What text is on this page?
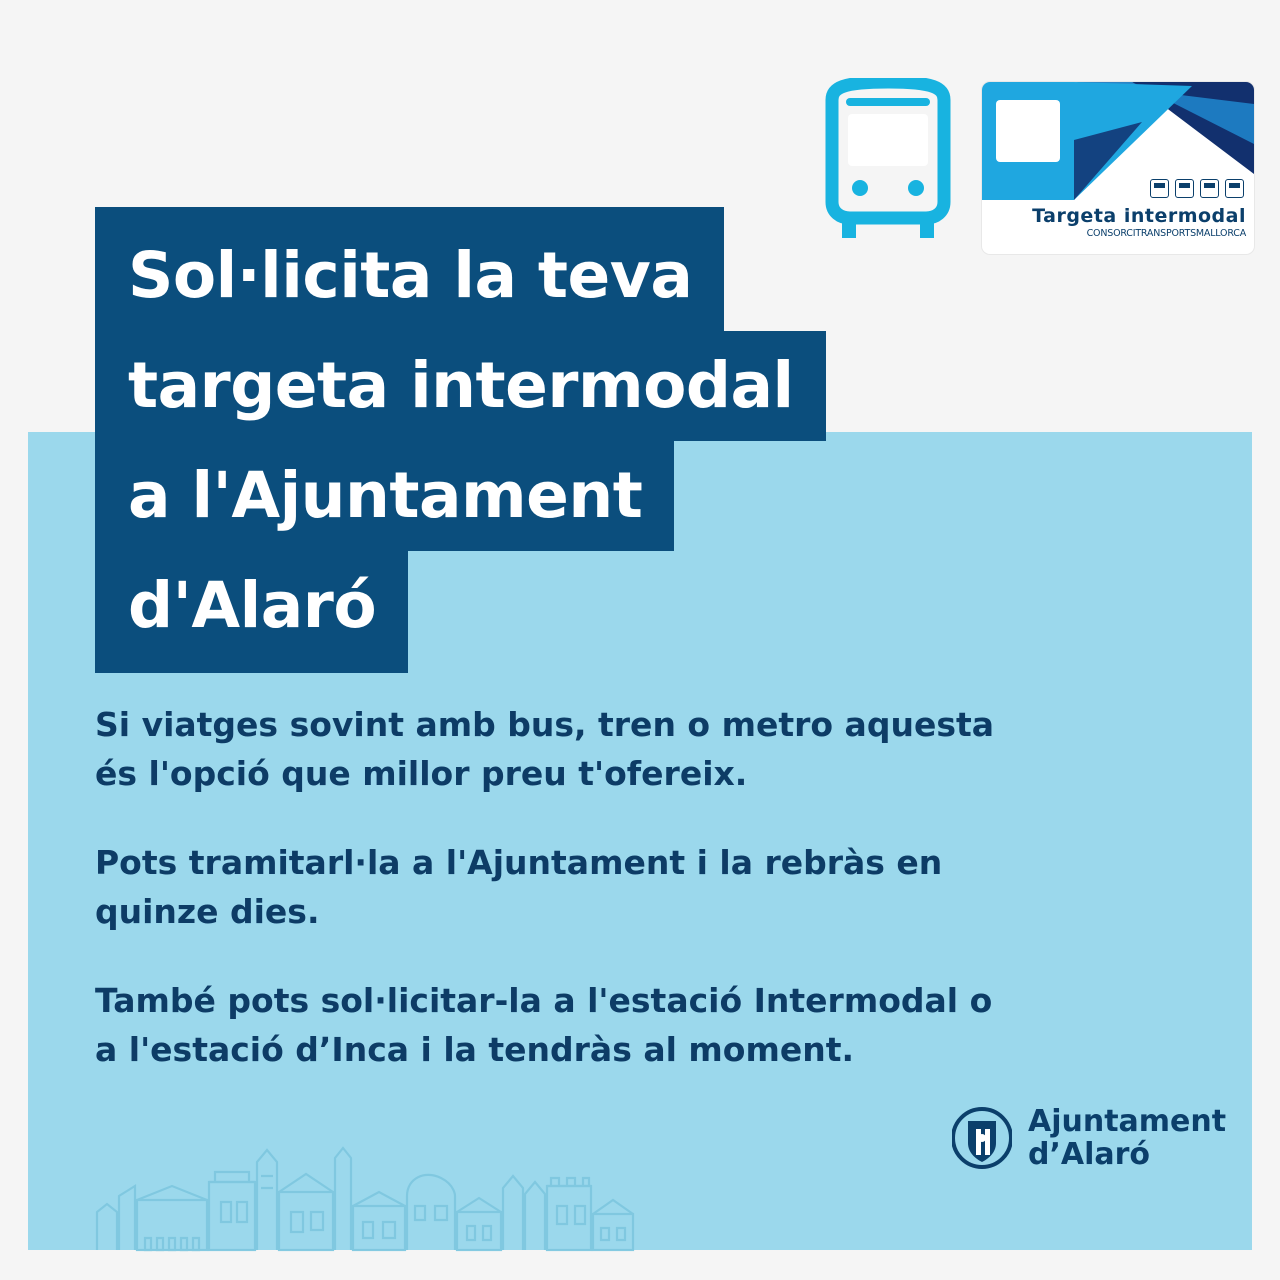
Targeta intermodal
CONSORCITRANSPORTSMALLORCA
Sol·licita la teva
targeta intermodal
a l'Ajuntament
d'Alaró

Si viatges sovint amb bus, tren o metro aquesta és l'opció que millor preu t'ofereix.

Pots tramitarl·la a l'Ajuntament i la rebràs en quinze dies.

També pots sol·licitar-la a l'estació Intermodal o a l'estació d’Inca i la tendràs al moment.

Ajuntament
d’Alaró
